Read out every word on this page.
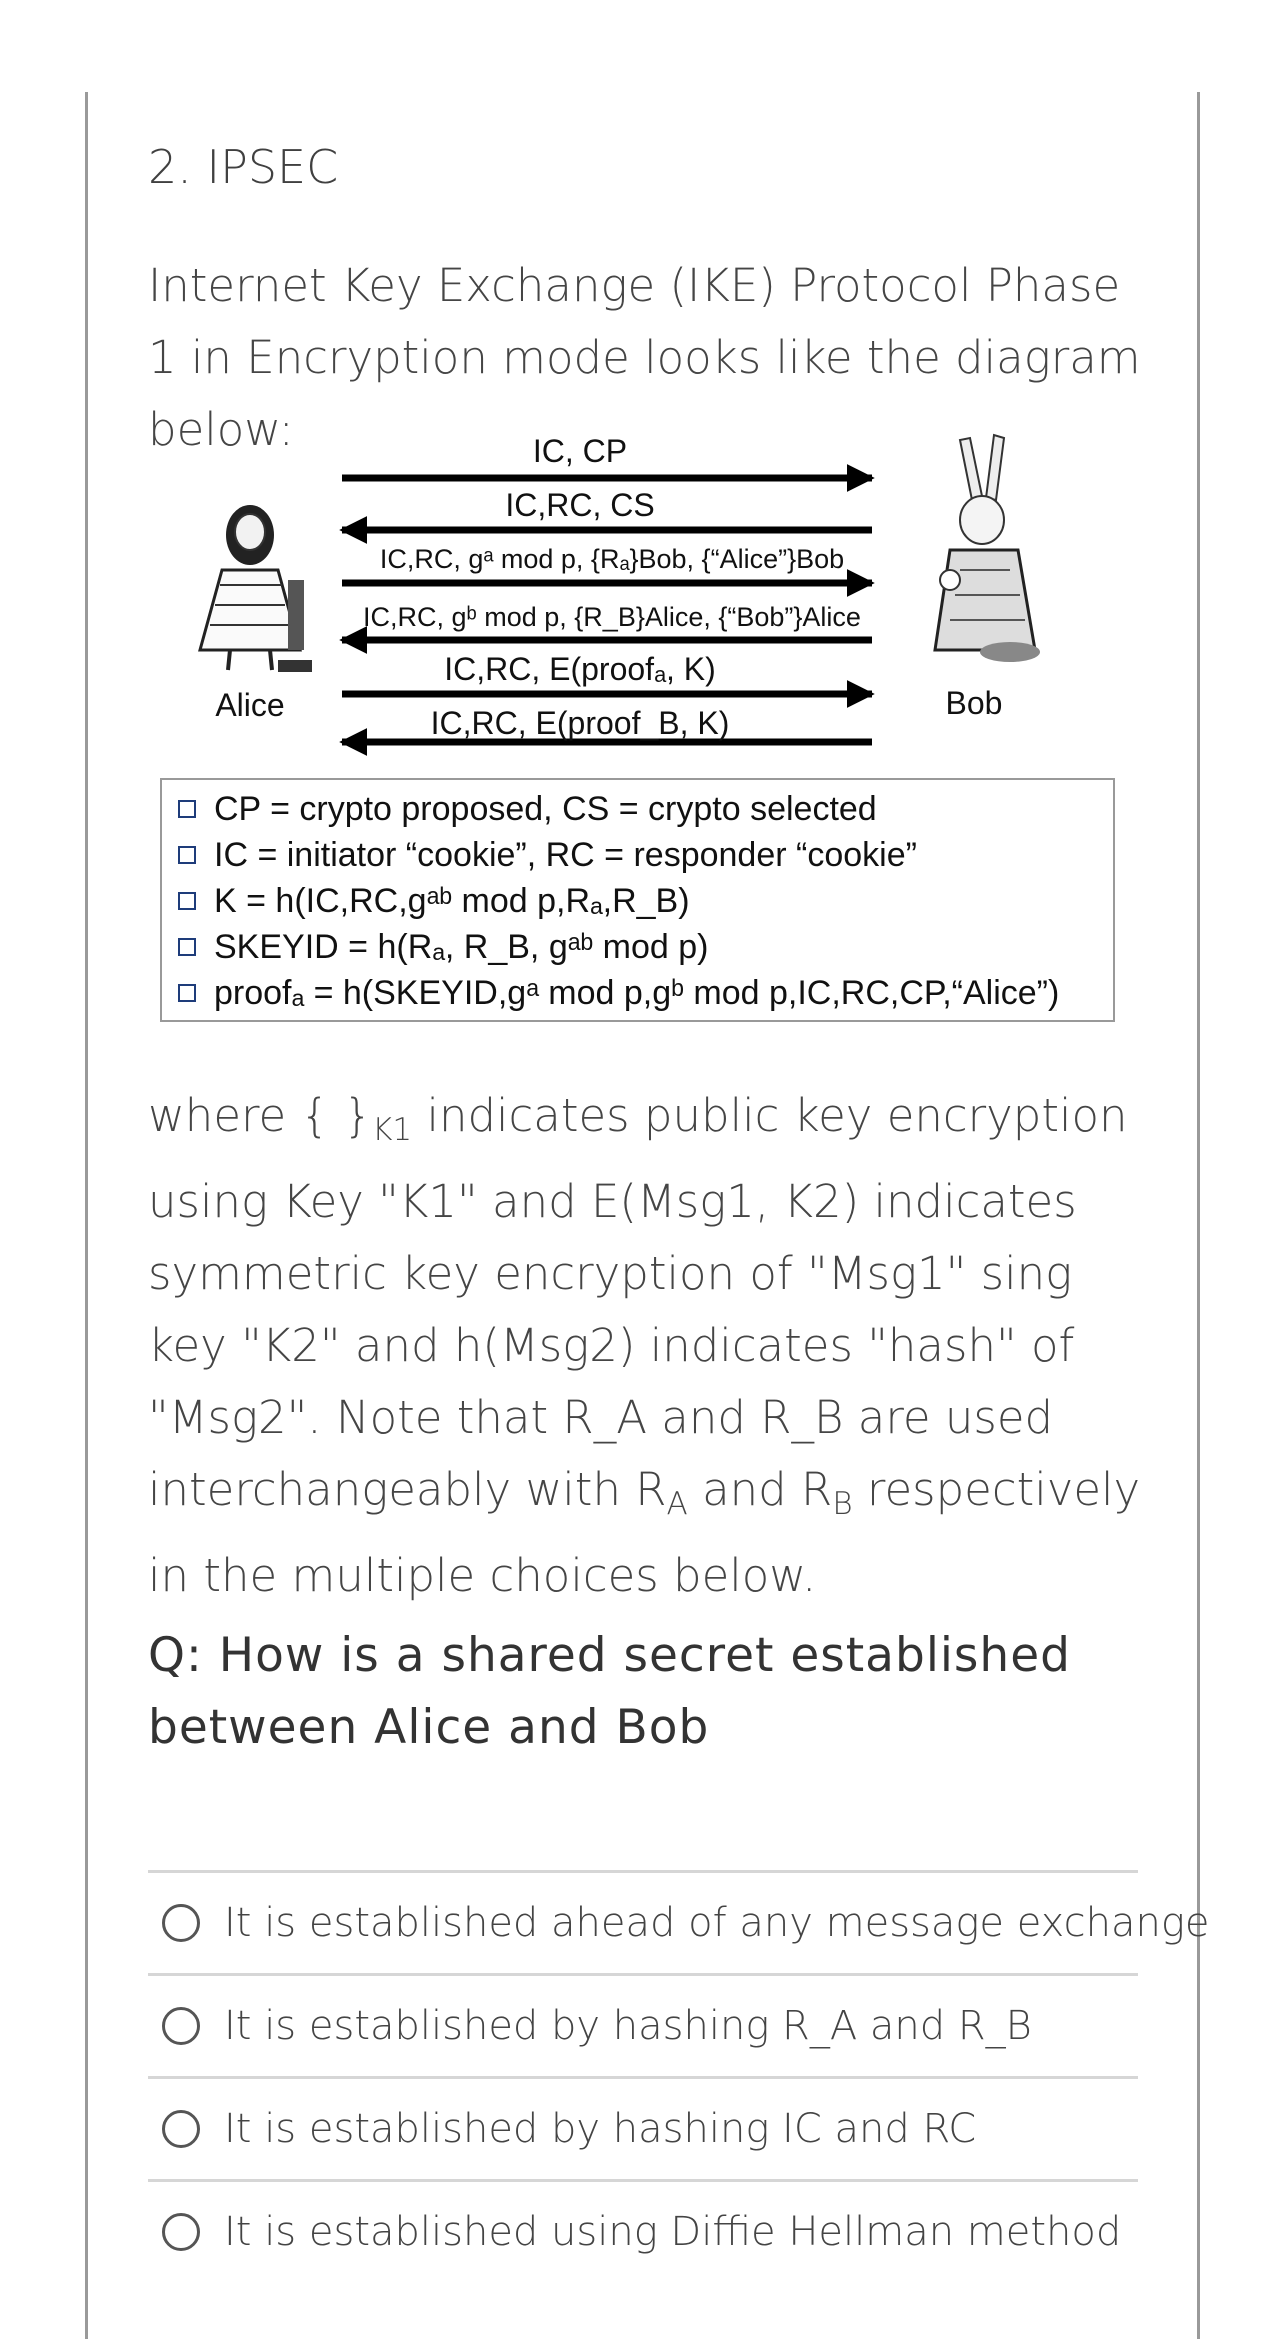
2. IPSEC
Internet Key Exchange (IKE) Protocol Phase 1 in Encryption mode looks like the diagram below:	IC, CP
IC,RC, CS
IC,RC, gᵃ mod p, {Rₐ}Bob, {“Alice”}Bob
IC,RC, gᵇ mod p, {R_B}Alice, {“Bob”}Alice
IC,RC, E(proofₐ, K)
IC,RC, E(proof_B, K)
Alice	Bob
CP = crypto proposed, CS = crypto selected
IC = initiator “cookie”, RC = responder “cookie”
K = h(IC,RC,gᵃᵇ mod p,Rₐ,R_B)
SKEYID = h(Rₐ, R_B, gᵃᵇ mod p)
proofₐ = h(SKEYID,gᵃ mod p,gᵇ mod p,IC,RC,CP,“Alice”)
where { }$_{K1}$ indicates public key encryption using Key "K1" and E(Msg1, K2) indicates symmetric key encryption of "Msg1" sing key "K2" and h(Msg2) indicates "hash" of "Msg2". Note that R_A and R_B are used interchangeably with $R_A$ and $R_B$ respectively in the multiple choices below.
Q: How is a shared secret established between Alice and Bob
It is established ahead of any message exchange
It is established by hashing R_A and R_B
It is established by hashing IC and RC
It is established using Diffie Hellman method
